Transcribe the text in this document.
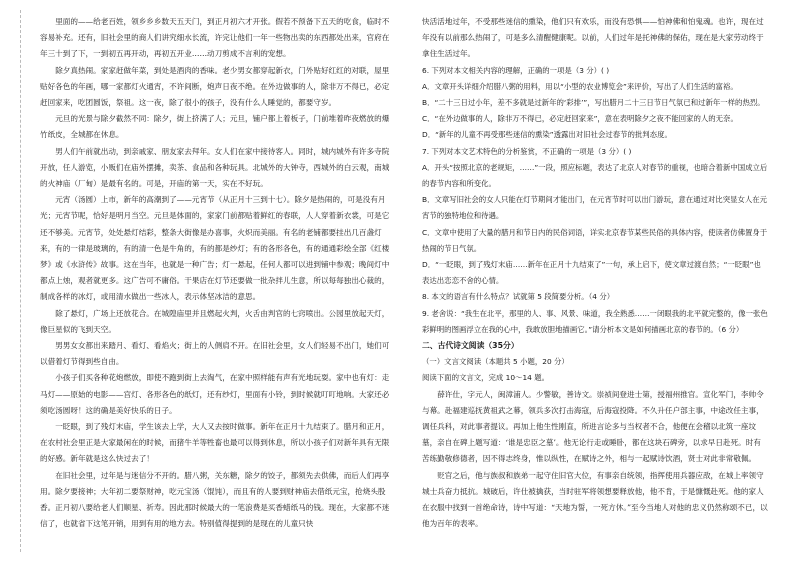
里面的——给老百姓，领乡乡乡数天五天门，到正月初六才开张。假若不预备下五天的吃食，临时不容易补充。还有，旧社会里的商人们讲究细水长流，许完让他们一年一些物出卖的东西都处出来，官府在年三十到了下，一到初五再开动，再初五开业……动刀剪成不言利的宠想。

除夕真热闹。家家赶做年菜，到处是酒肉的香味。老少男女都穿起新衣，门外贴好红红的对联，屋里贴好各色的年画，哪一家都灯火通宵，不许间断，炮声日夜不绝。在外边做事的人，除非万不得已，必定赶回家来，吃团圆饭，祭祖。这一夜，除了很小的孩子，没有什么人睡觉的，都要守岁。

元旦的光景与除夕截然不同：除夕，街上挤满了人；元旦，铺户都上着板子，门前堆着昨夜燃放的爆竹纸皮，全城都在休息。

男人们午前就出动，到亲戚家、朋友家去拜年。女人们在家中接待客人。同时，城内城外有许多寺院开放，任人游览，小贩们在庙外摆摊，卖茶、食品和各种玩具。北城外的大钟寺，西城外的白云观，南城的火神庙（厂甸）是最有名的。可是，开庙的第一天，实在不好玩。

元宵（汤圆）上市，新年的高潮到了——元宵节（从正月十三到十七）。除夕是热闹的，可是没有月光；元宵节呢，恰好是明月当空。元旦是体面的，家家门前都贴着鲜红的春联，人人穿着新衣裳，可是它还不够美。元宵节，处处悬灯结彩，整条大街像是办喜事，火炽而美丽。有名的老铺都要挂出几百盏灯来，有的一律是玻璃的，有的清一色是牛角的，有的都是纱灯；有的各形各色，有的通通彩绘全部《红楼梦》或《水浒传》故事。这在当年，也就是一种广告；灯一悬起，任何人都可以进到铺中参观；晚间灯中都点上烛，观者就更多。这广告可不庸俗。干果店在灯节还要做一批杂拌儿生意，所以每每独出心裁的，制成各样的冰灯，或用清水做出一些冰人，表示体坚冰洁的意思。

除了悬灯，广场上还放花合。在城隍庙里并且燃起火判，火舌由判官的七窍喷出。公园里放起天灯，像巨星似的飞到天空。

男男女女都出来踏月、看灯、看焰火；街上的人侧肩不开。在旧社会里，女人们轻易不出门，她们可以借着灯节得到些自由。

小孩子们买各种花炮燃放，即使不跑到街上去淘气，在家中照样能有声有光地玩耍。家中也有灯：走马灯——原始的电影——宫灯、各形各色的纸灯，还有纱灯，里面有小铃，到时候就叮叮地响。大家还必须吃汤圆呀！这的确是美好快乐的日子。

一眨眼，到了残灯末庙，学生该去上学，大人又去按时做事。新年在正月十九结束了。腊月和正月，在农村社会里正是大家最闲在的时候，而猪牛羊等牲畜也最可以得到休息，所以小孩子们对新年具有无限的好感。新年就是这么快过去了！

在旧社会里，过年是与迷信分不开的。腊八粥，关东糖，除夕的饺子，都须先去供佛，而后人们再享用。除夕要接神；大年初二要祭财神，吃元宝汤（馄饨），而且有的人要到财神庙去借纸元宝，抢烧头股香。正月初八要给老人们顺星、祈寿。因此那时候最大的一笔浪费是买香蜡纸马的钱。现在，大家都不迷信了，也就省下这笔开销，用到有用的地方去。特别值得提到的是现在的儿童只快

快活活地过年，不受那些迷信的熏染，他们只有欢乐，而没有恐惧——怕神佛和怕鬼魂。也许，现在过年没有以前那么热闹了，可是多么清醒健康呢。以前，人们过年是托神佛的保佑，现在是大家劳动终于拿住生活过年。

6. 下列对本文相关内容的理解，正确的一项是（3 分）( )

A．文章开头详细介绍腊八粥的用料，用以“小型的农业博览会”来评价，写出了人们生活的富裕。

B．“二十三日过小年，差不多就是过新年的‘彩排’”，写出腊月二十三日节日气氛已和过新年一样的热烈。

C．“在外边做事的人，除非万不得已，必定赶回家来”，意在表明除夕之夜不能回家的人的无奈。

D．“新年的儿童不再受那些迷信的熏染”透露出对旧社会过春节的批判态度。

7. 下列对本文艺术特色的分析鉴赏，不正确的一项是（3 分）( )

A．开头“按照北京的老规矩，……”一段，照应标题，表达了北京人对春节的重视，也暗合着新中国成立后的春节内容和所变化。

B．文章写旧社会的女人只能在灯节期间才能出门，在元宵节时可以出门游玩，意在通过对比突显女人在元宵节的独特地位和待遇。

C．文章中使用了大量的腊月和节日内的民俗词语，详实北京春节某些民俗的具体内容，使读者仿佛置身于热闹的节日气氛。

D．“一眨眼，到了残灯末庙……新年在正月十九结束了”一句，承上启下，使文章过渡自然；“一眨眼”也表达出恋恋不舍的心情。

8. 本文的语言有什么特点？试就第 5 段简要分析。（4 分）

9. 老舍说：“我生在北平，那里的人、事、风景、味道，我全熟悉……一闭眼我的北平就完整的，像一张色彩鲜明的图画浮立在我的心中，我敢放胆地描画它。”请分析本文是如何描画北京的春节的。（6 分）

二、古代诗文阅读（35分）

（一）文言文阅读（本题共 5 小题，20 分）

阅读下面的文言文，完成 10～14 题。

薛许仕，字元人，闽漳浦人。少警敏，善诗文。崇祯间登进士第，授福州推官。宣化军门，李帅令与幕。赴福建巡抚黄祖武之幕，领兵多次打击海寇，后海寇投降。不久升任户部主事，中途改任主事，调任兵科，对此事者提议。再加上他生性刚直，所进言论多与当权者不合，他便在会稽以北筑一座坟墓，亲自在碑上题写道：‘谁是忠臣之墓’。他无论行走或睡卧，都在这块石碑旁，以求早日赴死。时有苦练勤敬修德者，因不得志终身，惟以纵性，在赋诗之外，相与一起赋诗饮酒，贤士对此非常敬佩。

贬官之后，他与族叔和族弟一起守住旧官大位，有事亲自统领，指挥使用兵器应敌，在城上率领守城士兵奋力抵抗。城破后，许仕被擒获，当时驻军将领想要释放他，他不肯，于是慷慨赴死。他的家人在衣服中找到一首绝命诗，诗中写道：“天地为誓，一死方休。”至今当地人对他的忠义仍然称颂不已，以他为百年的表率。
